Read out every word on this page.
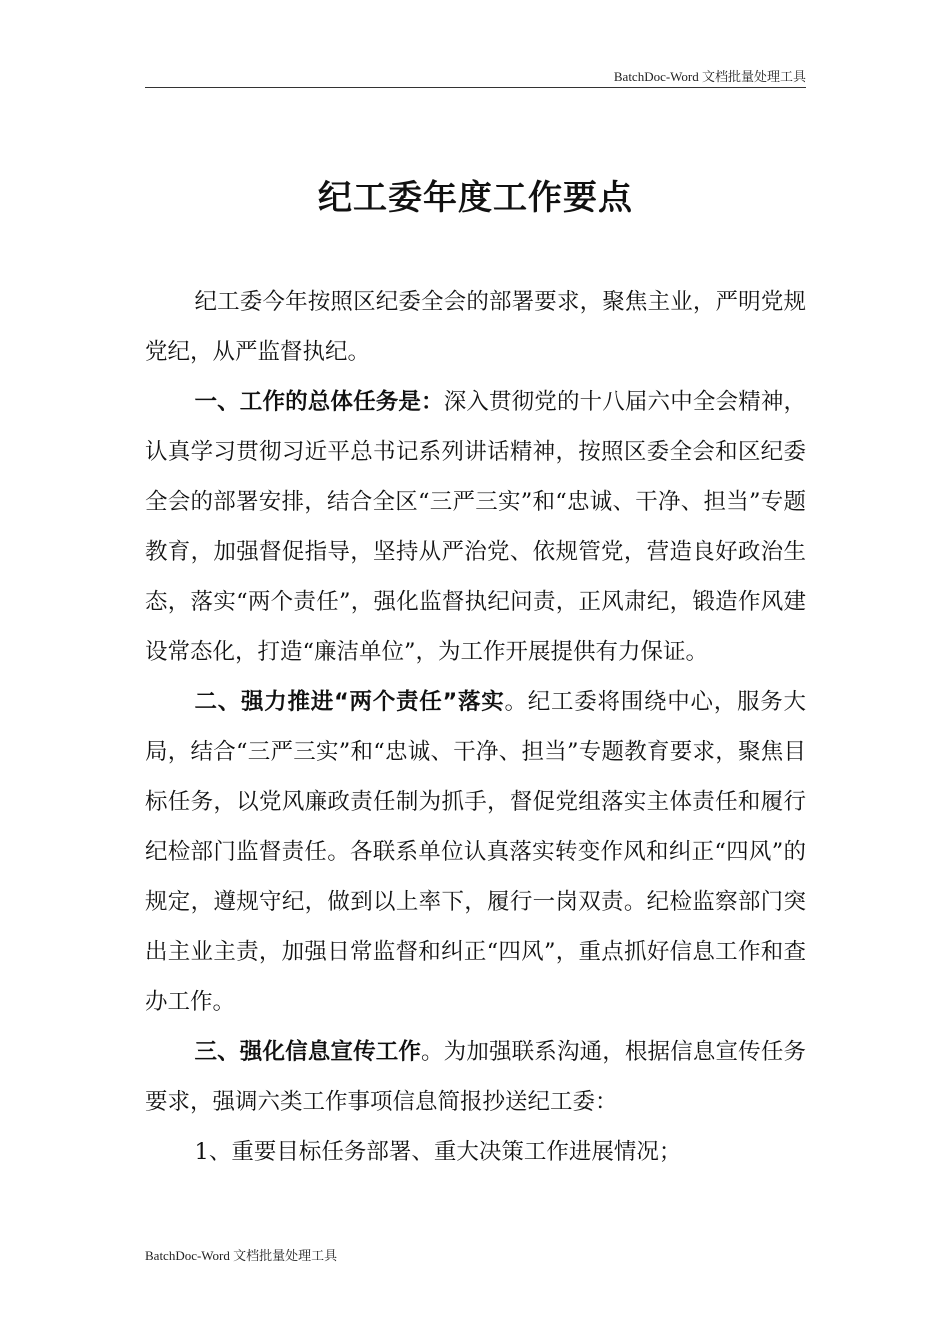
BatchDoc-Word 文档批量处理工具
纪工委年度工作要点

纪工委今年按照区纪委全会的部署要求，聚焦主业，严明党规党纪，从严监督执纪。

一、工作的总体任务是：深入贯彻党的十八届六中全会精神，认真学习贯彻习近平总书记系列讲话精神，按照区委全会和区纪委全会的部署安排，结合全区“三严三实”和“忠诚、干净、担当”专题教育，加强督促指导，坚持从严治党、依规管党，营造良好政治生态，落实“两个责任”，强化监督执纪问责，正风肃纪，锻造作风建设常态化，打造“廉洁单位”，为工作开展提供有力保证。

二、强力推进“两个责任”落实。纪工委将围绕中心，服务大局，结合“三严三实”和“忠诚、干净、担当”专题教育要求，聚焦目标任务，以党风廉政责任制为抓手，督促党组落实主体责任和履行纪检部门监督责任。各联系单位认真落实转变作风和纠正“四风”的规定，遵规守纪，做到以上率下，履行一岗双责。纪检监察部门突出主业主责，加强日常监督和纠正“四风”，重点抓好信息工作和查办工作。

三、强化信息宣传工作。为加强联系沟通，根据信息宣传任务要求，强调六类工作事项信息简报抄送纪工委：

1、重要目标任务部署、重大决策工作进展情况；

BatchDoc-Word 文档批量处理工具
